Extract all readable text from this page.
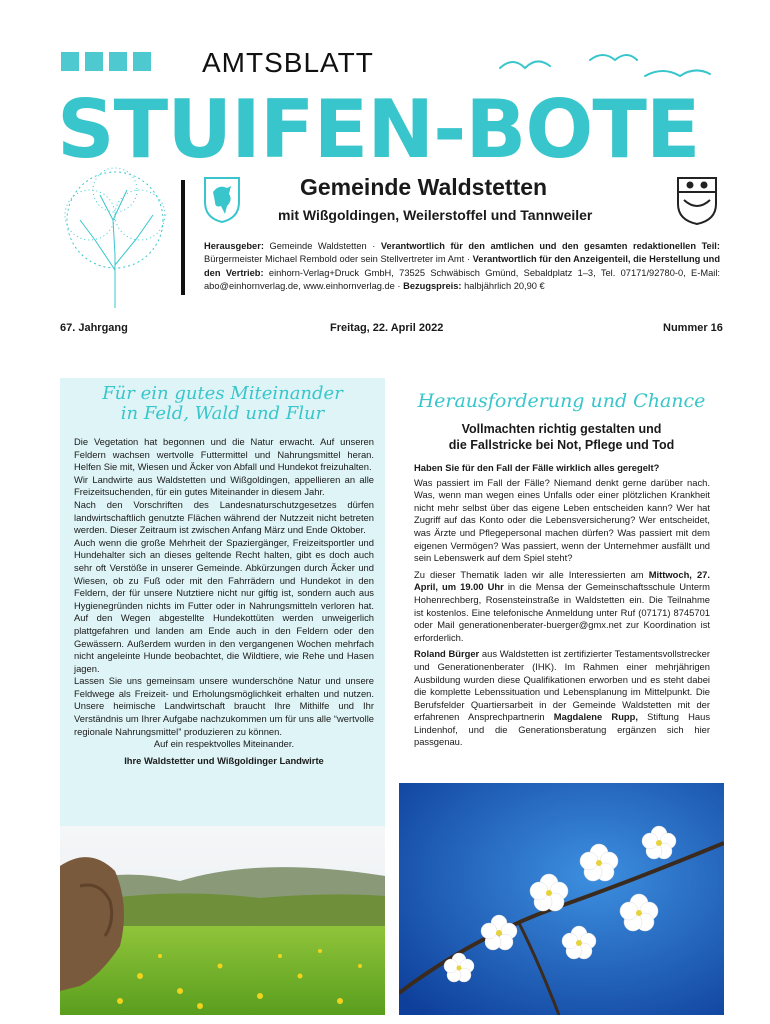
AMTSBLATT
STUIFEN-BOTE
Gemeinde Waldstetten
mit Wißgoldingen, Weilerstoffel und Tannweiler
Herausgeber: Gemeinde Waldstetten · Verantwortlich für den amtlichen und den gesamten redaktionellen Teil: Bürgermeister Michael Rembold oder sein Stellvertreter im Amt · Verantwortlich für den Anzeigenteil, die Herstellung und den Vertrieb: einhorn-Verlag+Druck GmbH, 73525 Schwäbisch Gmünd, Sebaldplatz 1–3, Tel. 07171/92780-0, E-Mail: abo@einhornverlag.de, www.einhornverlag.de · Bezugspreis: halbjährlich 20,90 €
67. Jahrgang	Freitag, 22. April 2022	Nummer 16
Für ein gutes Miteinander
in Feld, Wald und Flur

Die Vegetation hat begonnen und die Natur erwacht. Auf unseren Feldern wachsen wertvolle Futtermittel und Nahrungsmittel heran. Helfen Sie mit, Wiesen und Äcker von Abfall und Hundekot freizuhalten.

Wir Landwirte aus Waldstetten und Wißgoldingen, appellieren an alle Freizeitsuchenden, für ein gutes Miteinander in diesem Jahr.

Nach den Vorschriften des Landesnaturschutzgesetzes dürfen landwirtschaftlich genutzte Flächen während der Nutzzeit nicht betreten werden. Dieser Zeitraum ist zwischen Anfang März und Ende Oktober.

Auch wenn die große Mehrheit der Spaziergänger, Freizeitsportler und Hundehalter sich an dieses geltende Recht halten, gibt es doch auch sehr oft Verstöße in unserer Gemeinde. Abkürzungen durch Äcker und Wiesen, ob zu Fuß oder mit den Fahrrädern und Hundekot in den Feldern, der für unsere Nutztiere nicht nur giftig ist, sondern auch aus Hygienegründen nichts im Futter oder in Nahrungsmitteln verloren hat. Auf den Wegen abgestellte Hundekottüten werden unweigerlich plattgefahren und landen am Ende auch in den Feldern oder den Gewässern. Außerdem wurden in den vergangenen Wochen mehrfach nicht angeleinte Hunde beobachtet, die Wildtiere, wie Rehe und Hasen jagen.

Lassen Sie uns gemeinsam unsere wunderschöne Natur und unsere Feldwege als Freizeit- und Erholungsmöglichkeit erhalten und nutzen. Unsere heimische Landwirtschaft braucht Ihre Mithilfe und Ihr Verständnis um Ihrer Aufgabe nachzukommen um für uns alle “wertvolle regionale Nahrungsmittel” produzieren zu können.

Auf ein respektvolles Miteinander.

Ihre Waldstetter und Wißgoldinger Landwirte

Herausforderung und Chance
Vollmachten richtig gestalten und
die Fallstricke bei Not, Pflege und Tod

Haben Sie für den Fall der Fälle wirklich alles geregelt?

Was passiert im Fall der Fälle? Niemand denkt gerne darüber nach. Was, wenn man wegen eines Unfalls oder einer plötzlichen Krankheit nicht mehr selbst über das eigene Leben entscheiden kann? Wer hat Zugriff auf das Konto oder die Lebensversicherung? Wer entscheidet, was Ärzte und Pflegepersonal machen dürfen? Was passiert mit dem eigenen Vermögen? Was passiert, wenn der Unternehmer ausfällt und sein Lebenswerk auf dem Spiel steht?

Zu dieser Thematik laden wir alle Interessierten am Mittwoch, 27. April, um 19.00 Uhr in die Mensa der Gemeinschaftsschule Unterm Hohenrechberg, Rosensteinstraße in Waldstetten ein. Die Teilnahme ist kostenlos. Eine telefonische Anmeldung unter Ruf (07171) 8745701 oder Mail generationenberater-buerger@gmx.net zur Koordination ist erforderlich.

Roland Bürger aus Waldstetten ist zertifizierter Testamentsvollstrecker und Generationenberater (IHK). Im Rahmen einer mehrjährigen Ausbildung wurden diese Qualifikationen erworben und es steht dabei die komplette Lebenssituation und Lebensplanung im Mittelpunkt. Die Berufsfelder Quartiersarbeit in der Gemeinde Waldstetten mit der erfahrenen Ansprechpartnerin Magdalene Rupp, Stiftung Haus Lindenhof, und die Generationsberatung ergänzen sich hier passgenau.
